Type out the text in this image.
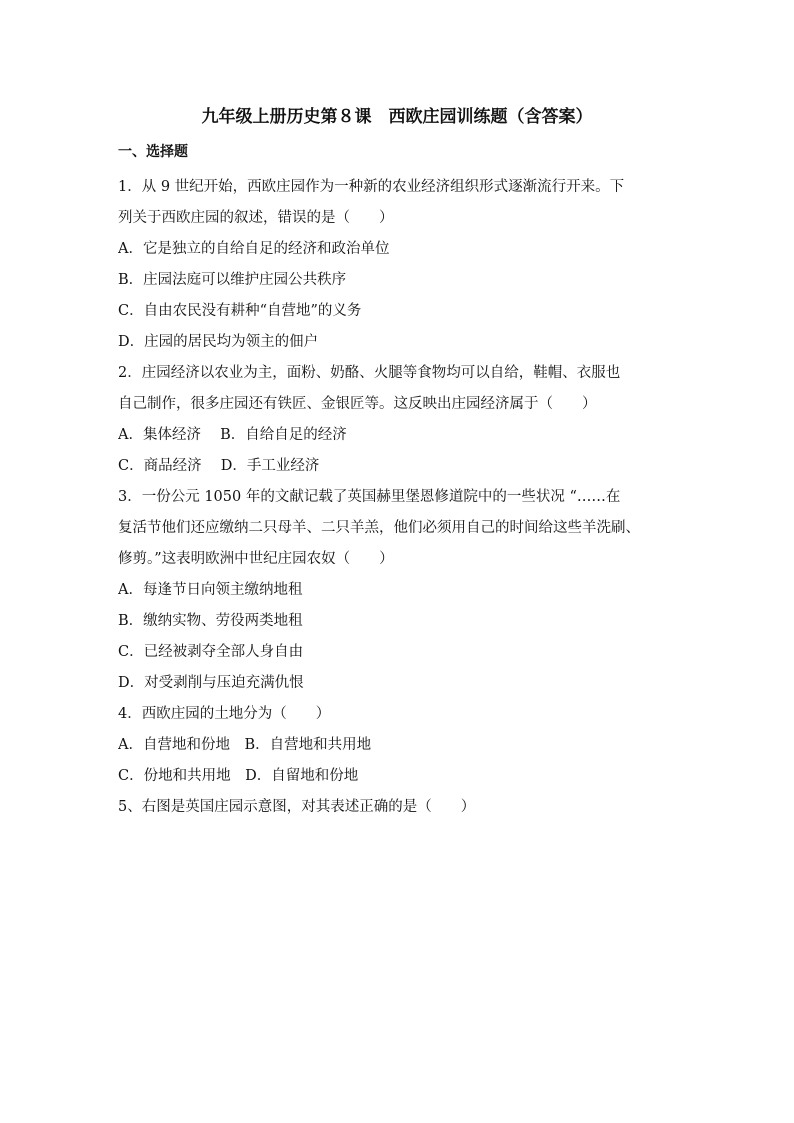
九年级上册历史第８课　西欧庄园训练题（含答案）
一、选择题
1．从 9 世纪开始，西欧庄园作为一种新的农业经济组织形式逐渐流行开来。下
列关于西欧庄园的叙述，错误的是（　　）
A．它是独立的自给自足的经济和政治单位
B．庄园法庭可以维护庄园公共秩序
C．自由农民没有耕种“自营地”的义务
D．庄园的居民均为领主的佃户
2．庄园经济以农业为主，面粉、奶酪、火腿等食物均可以自给，鞋帽、衣服也
自己制作，很多庄园还有铁匠、金银匠等。这反映出庄园经济属于（　　）
A．集体经济　 B．自给自足的经济
C．商品经济　 D．手工业经济
3．一份公元 1050 年的文献记载了英国赫里堡恩修道院中的一些状况 “……在
复活节他们还应缴纳二只母羊、二只羊羔，他们必须用自己的时间给这些羊洗刷、
修剪。”这表明欧洲中世纪庄园农奴（　　）
A．每逢节日向领主缴纳地租
B．缴纳实物、劳役两类地租
C．已经被剥夺全部人身自由
D．对受剥削与压迫充满仇恨
4．西欧庄园的土地分为（　　）
A．自营地和份地　B．自营地和共用地
C．份地和共用地　D．自留地和份地
5、右图是英国庄园示意图，对其表述正确的是（　　）
